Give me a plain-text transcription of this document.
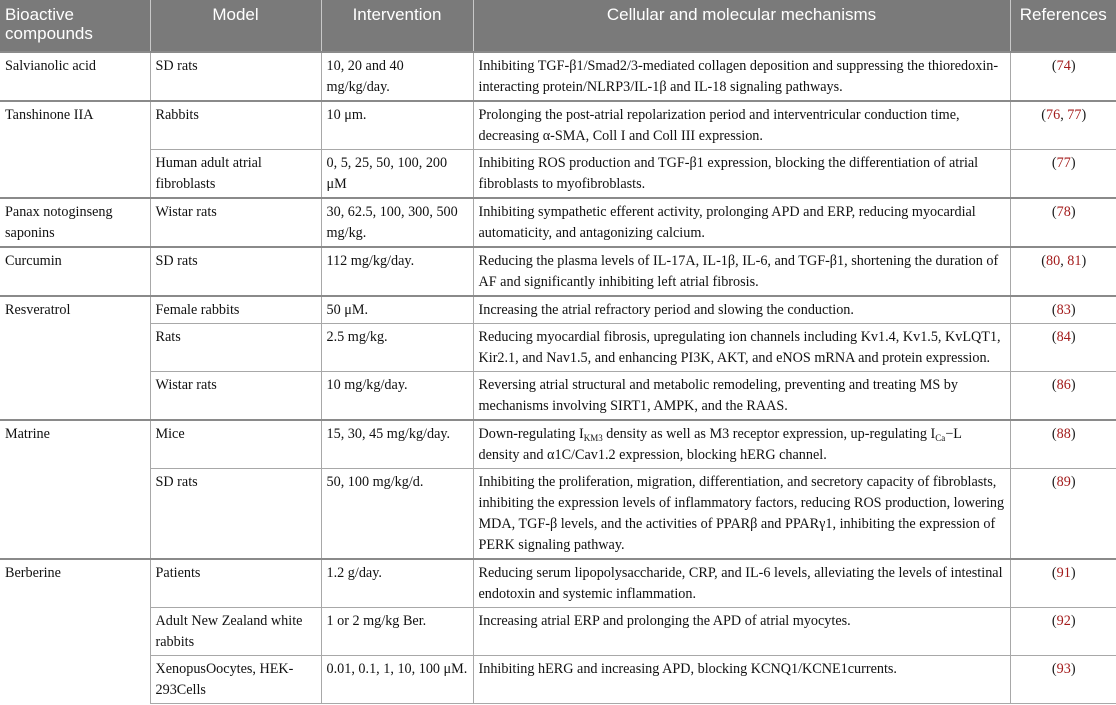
Bioactive compounds	Model	Intervention	Cellular and molecular mechanisms	References
Salvianolic acid	SD rats	10, 20 and 40 mg/kg/day.	Inhibiting TGF-β1/Smad2/3-mediated collagen deposition and suppressing the thioredoxin-interacting protein/NLRP3/IL-1β and IL-18 signaling pathways.	(74)
Tanshinone IIA	Rabbits	10 μm.	Prolonging the post-atrial repolarization period and interventricular conduction time, decreasing α-SMA, Coll I and Coll III expression.	(76, 77)
	Human adult atrial fibroblasts	0, 5, 25, 50, 100, 200 μM	Inhibiting ROS production and TGF-β1 expression, blocking the differentiation of atrial fibroblasts to myofibroblasts.	(77)
Panax notoginseng saponins	Wistar rats	30, 62.5, 100, 300, 500 mg/kg.	Inhibiting sympathetic efferent activity, prolonging APD and ERP, reducing myocardial automaticity, and antagonizing calcium.	(78)
Curcumin	SD rats	112 mg/kg/day.	Reducing the plasma levels of IL-17A, IL-1β, IL-6, and TGF-β1, shortening the duration of AF and significantly inhibiting left atrial fibrosis.	(80, 81)
Resveratrol	Female rabbits	50 μM.	Increasing the atrial refractory period and slowing the conduction.	(83)
	Rats	2.5 mg/kg.	Reducing myocardial fibrosis, upregulating ion channels including Kv1.4, Kv1.5, KvLQT1, Kir2.1, and Nav1.5, and enhancing PI3K, AKT, and eNOS mRNA and protein expression.	(84)
	Wistar rats	10 mg/kg/day.	Reversing atrial structural and metabolic remodeling, preventing and treating MS by mechanisms involving SIRT1, AMPK, and the RAAS.	(86)
Matrine	Mice	15, 30, 45 mg/kg/day.	Down-regulating $I_{KM3}$ density as well as M3 receptor expression, up-regulating $I_{Ca}-L$ density and α1C/Cav1.2 expression, blocking hERG channel.	(88)
	SD rats	50, 100 mg/kg/d.	Inhibiting the proliferation, migration, differentiation, and secretory capacity of fibroblasts, inhibiting the expression levels of inflammatory factors, reducing ROS production, lowering MDA, TGF-β levels, and the activities of PPARβ and PPARγ1, inhibiting the expression of PERK signaling pathway.	(89)
Berberine	Patients	1.2 g/day.	Reducing serum lipopolysaccharide, CRP, and IL-6 levels, alleviating the levels of intestinal endotoxin and systemic inflammation.	(91)
	Adult New Zealand white rabbits	1 or 2 mg/kg Ber.	Increasing atrial ERP and prolonging the APD of atrial myocytes.	(92)
	XenopusOocytes, HEK-293Cells	0.01, 0.1, 1, 10, 100 μM.	Inhibiting hERG and increasing APD, blocking KCNQ1/KCNE1currents.	(93)
